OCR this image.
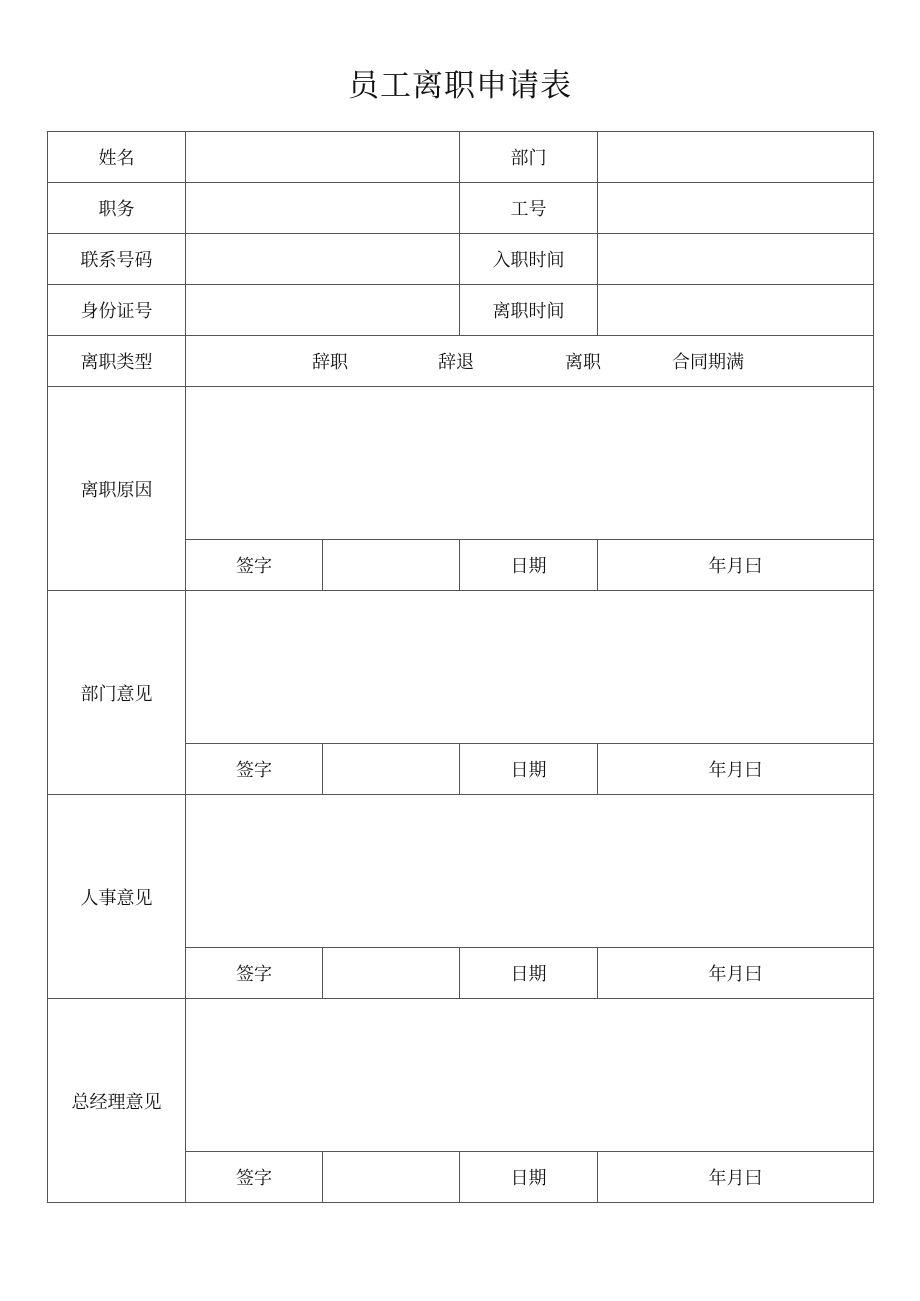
员工离职申请表
姓名			部门	
职务			工号	
联系号码			入职时间	
身份证号			离职时间	
离职类型	辞职 辞退 离职 合同期满			

离职原因				
	签字		日期	年月曰
部门意见				
	签字		日期	年月曰
人事意见				
	签字		日期	年月曰
总经理意见				
	签字		日期	年月曰
